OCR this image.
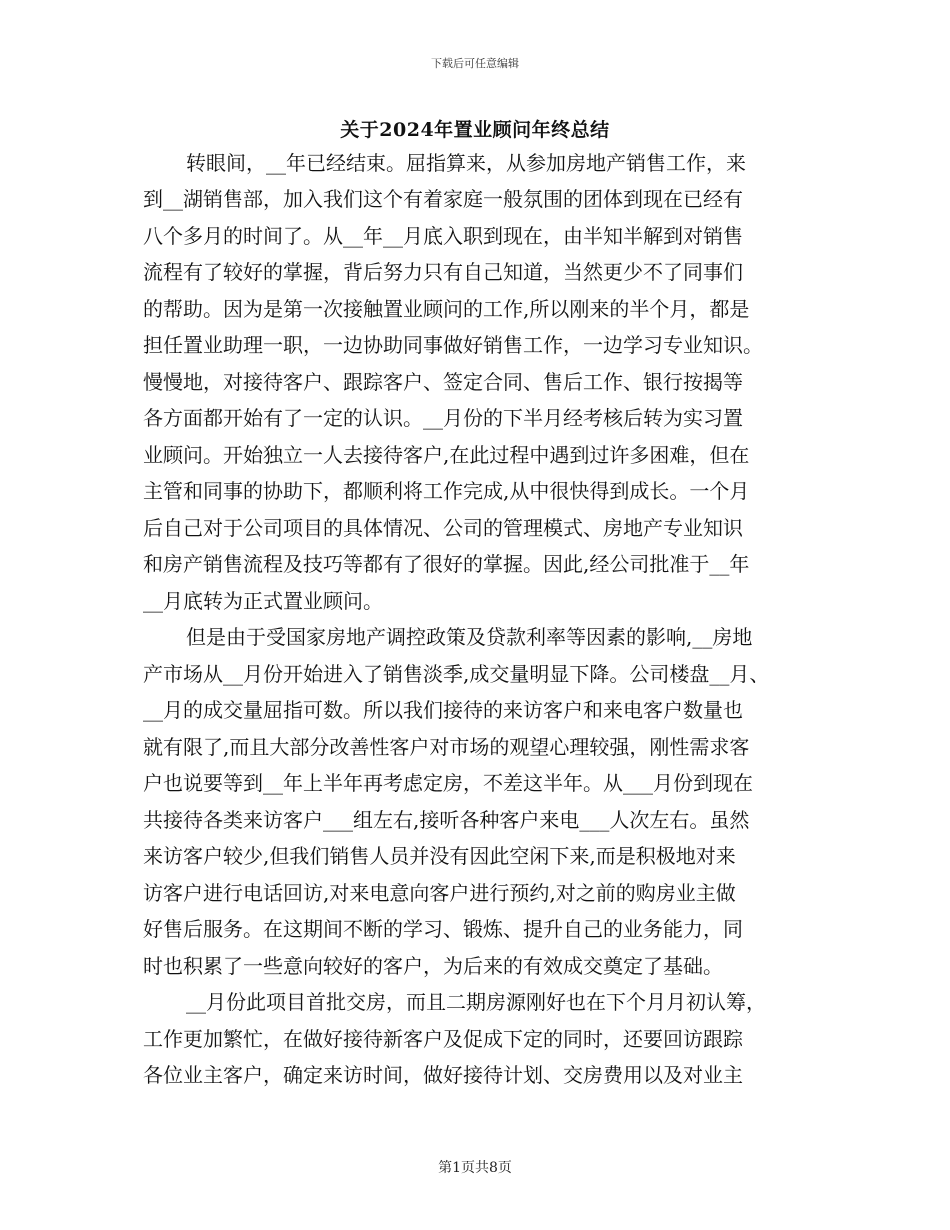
下载后可任意编辑
关于2024年置业顾问年终总结
转眼间，__年已经结束。屈指算来，从参加房地产销售工作，来
到__湖销售部，加入我们这个有着家庭一般氛围的团体到现在已经有
八个多月的时间了。从__年__月底入职到现在，由半知半解到对销售
流程有了较好的掌握，背后努力只有自己知道，当然更少不了同事们
的帮助。因为是第一次接触置业顾问的工作,所以刚来的半个月，都是
担任置业助理一职，一边协助同事做好销售工作，一边学习专业知识。
慢慢地，对接待客户、跟踪客户、签定合同、售后工作、银行按揭等
各方面都开始有了一定的认识。__月份的下半月经考核后转为实习置
业顾问。开始独立一人去接待客户,在此过程中遇到过许多困难，但在
主管和同事的协助下，都顺利将工作完成,从中很快得到成长。一个月
后自己对于公司项目的具体情况、公司的管理模式、房地产专业知识
和房产销售流程及技巧等都有了很好的掌握。因此,经公司批准于__年
__月底转为正式置业顾问。
但是由于受国家房地产调控政策及贷款利率等因素的影响,__房地
产市场从__月份开始进入了销售淡季,成交量明显下降。公司楼盘__月、
__月的成交量屈指可数。所以我们接待的来访客户和来电客户数量也
就有限了,而且大部分改善性客户对市场的观望心理较强，刚性需求客
户也说要等到__年上半年再考虑定房，不差这半年。从___月份到现在
共接待各类来访客户___组左右,接听各种客户来电___人次左右。虽然
来访客户较少,但我们销售人员并没有因此空闲下来,而是积极地对来
访客户进行电话回访,对来电意向客户进行预约,对之前的购房业主做
好售后服务。在这期间不断的学习、锻炼、提升自己的业务能力，同
时也积累了一些意向较好的客户，为后来的有效成交奠定了基础。
__月份此项目首批交房，而且二期房源刚好也在下个月月初认筹，
工作更加繁忙，在做好接待新客户及促成下定的同时，还要回访跟踪
各位业主客户，确定来访时间，做好接待计划、交房费用以及对业主
第1页共8页
